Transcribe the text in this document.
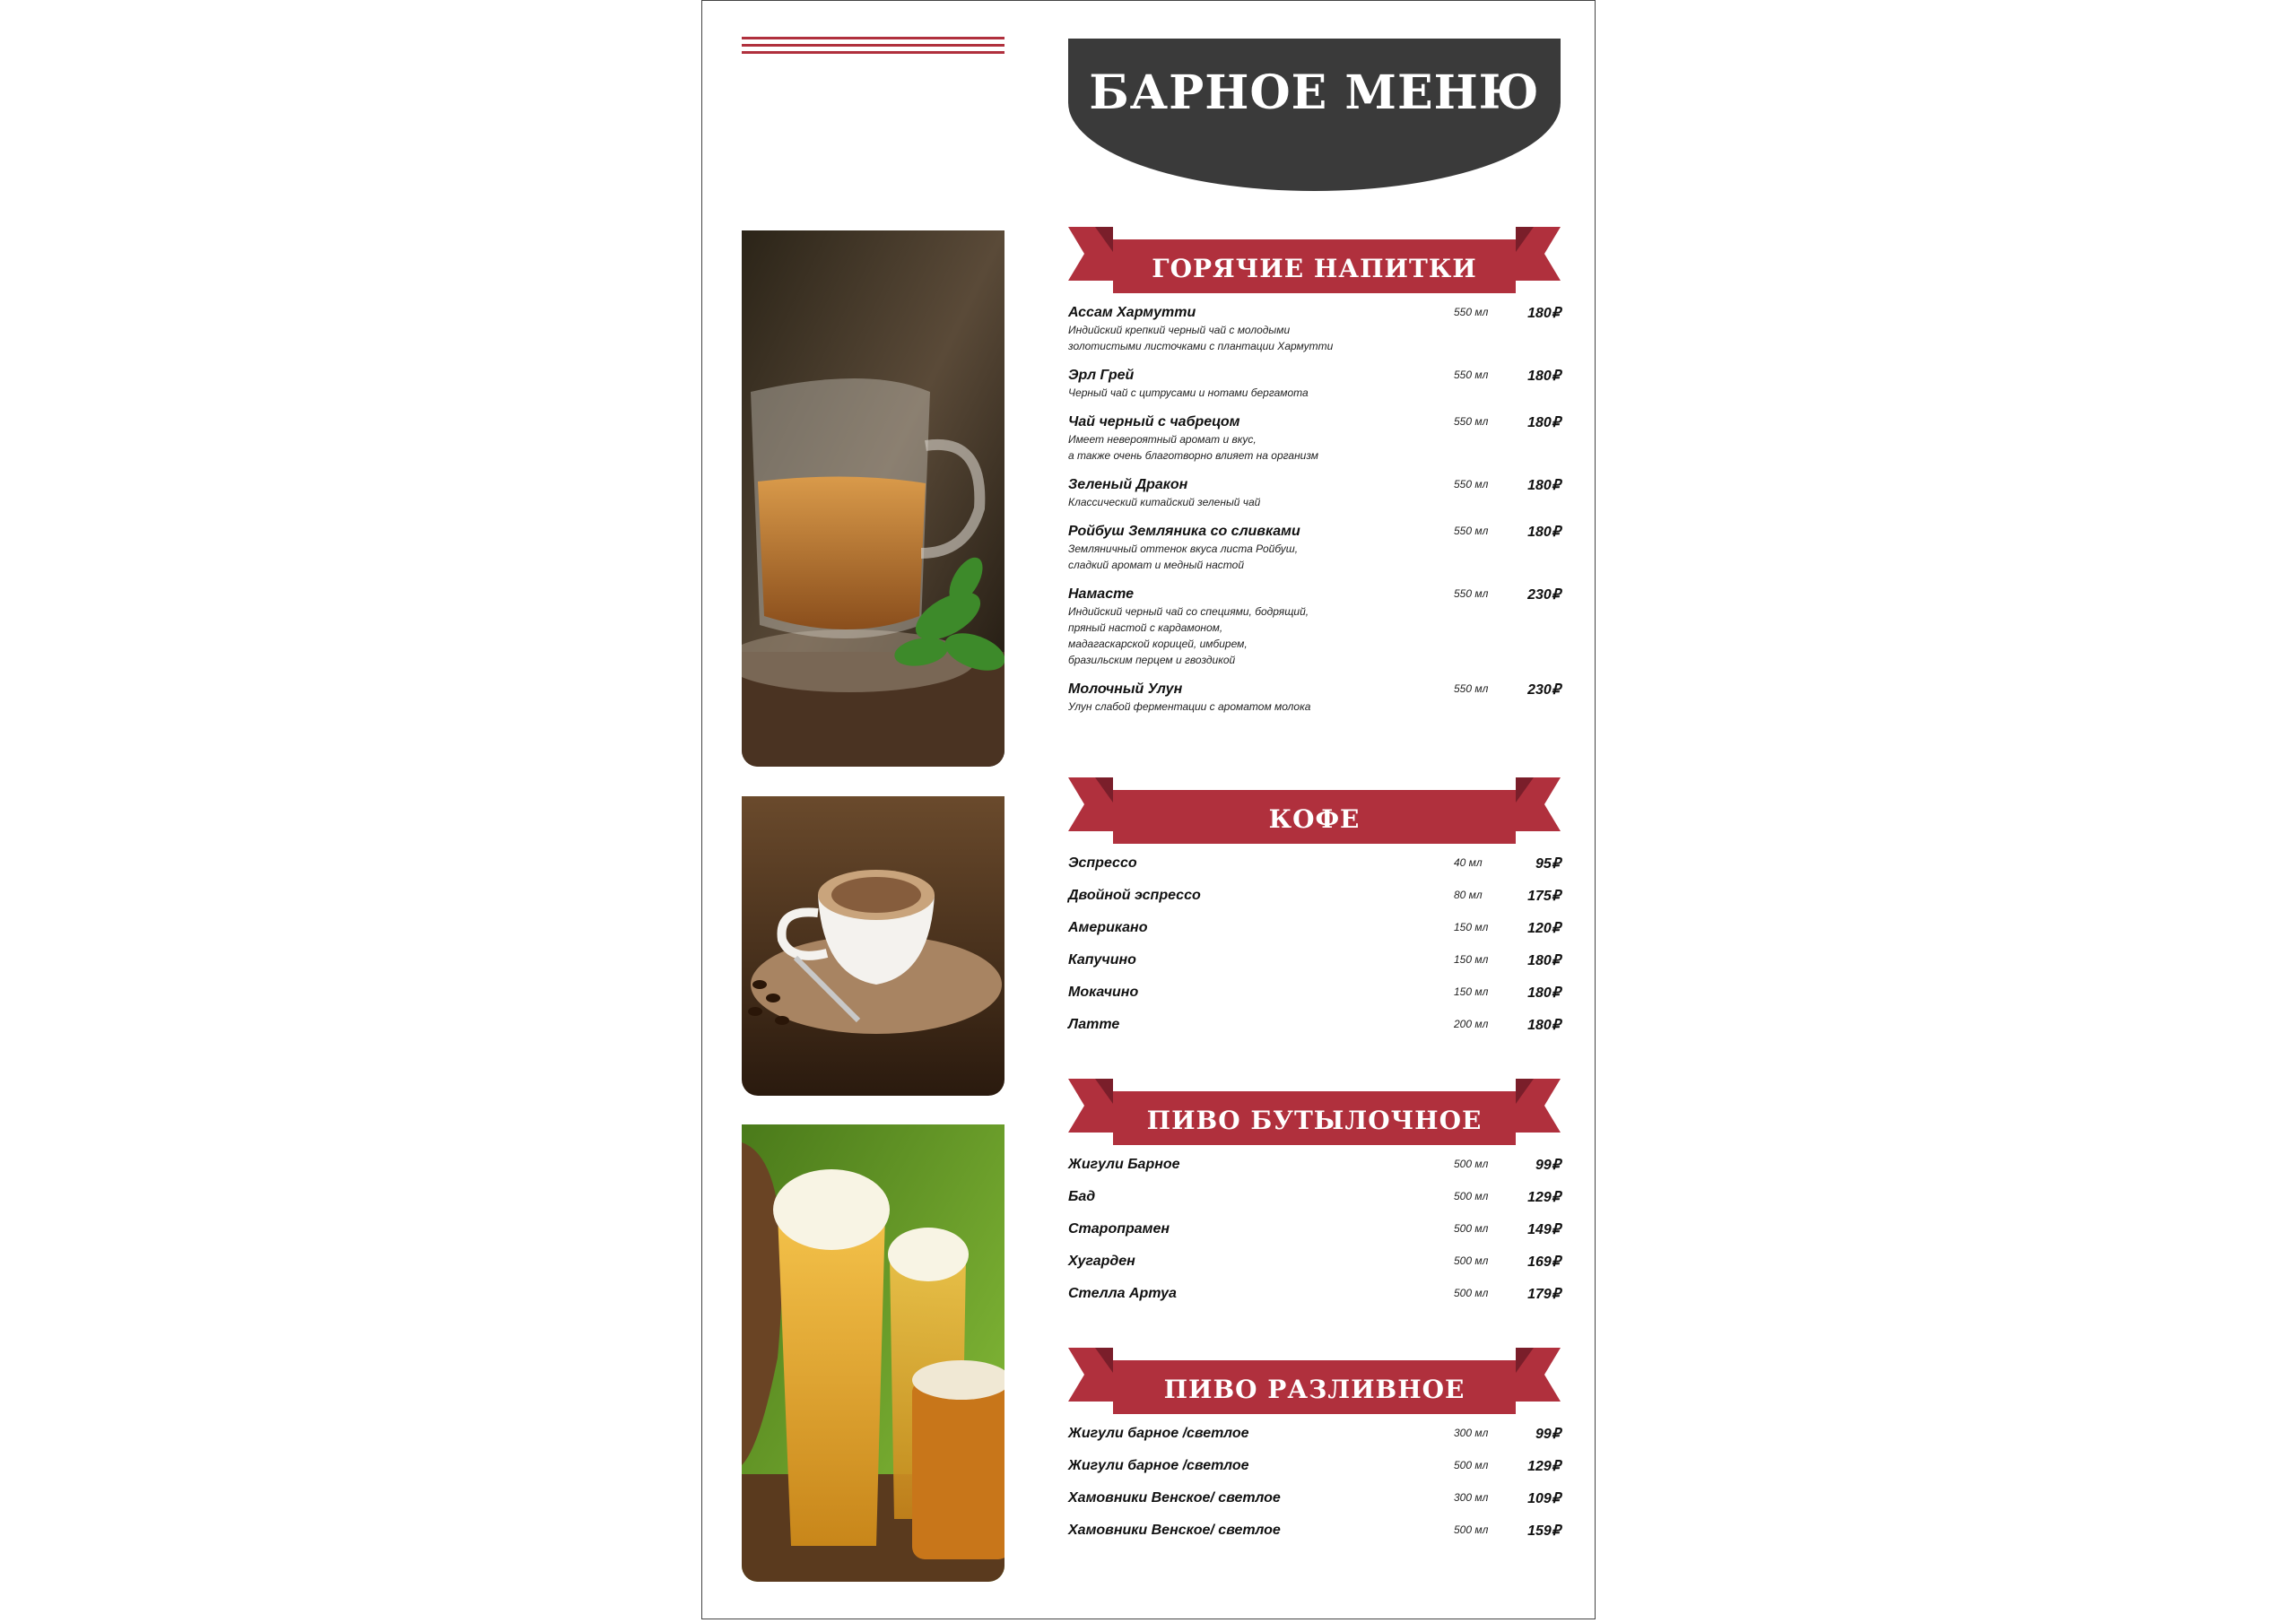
БАРНОЕ МЕНЮ
ГОРЯЧИЕ НАПИТКИ
Ассам Хармутти
Индийский крепкий черный чай с молодыми
золотистыми листочками с плантации Хармутти
550 мл	180₽
Эрл Грей
Черный чай с цитрусами и нотами бергамота
550 мл	180₽
Чай черный с чабрецом
Имеет невероятный аромат и вкус,
а также очень благотворно влияет на организм
550 мл	180₽
Зеленый Дракон
Классический китайский зеленый чай
550 мл	180₽
Ройбуш Земляника со сливками
Земляничный оттенок вкуса листа Ройбуш,
сладкий аромат и медный настой
550 мл	180₽
Намасте
Индийский черный чай со специями, бодрящий,
пряный настой с кардамоном,
мадагаскарской корицей, имбирем,
бразильским перцем и гвоздикой
550 мл	230₽
Молочный Улун
Улун слабой ферментации с ароматом молока
550 мл	230₽
КОФЕ
Эспрессо	40 мл	95₽
Двойной эспрессо	80 мл	175₽
Американо	150 мл	120₽
Капучино	150 мл	180₽
Мокачино	150 мл	180₽
Латте	200 мл	180₽
ПИВО БУТЫЛОЧНОЕ
Жигули Барное	500 мл	99₽
Бад	500 мл	129₽
Старопрамен	500 мл	149₽
Хугарден	500 мл	169₽
Стелла Артуа	500 мл	179₽
ПИВО РАЗЛИВНОЕ
Жигули барное /светлое	300 мл	99₽
Жигули барное /светлое	500 мл	129₽
Хамовники Венское/ светлое	300 мл	109₽
Хамовники Венское/ светлое	500 мл	159₽
